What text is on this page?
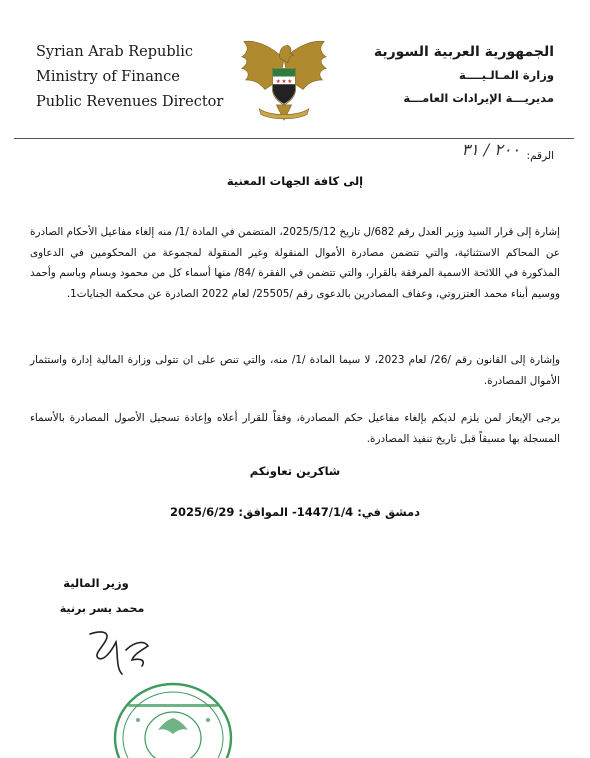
Syrian Arab Republic
Ministry of Finance
Public Revenues Director
الجمهورية العربية السورية
وزارة المـالـيــــة
مديريـــة الإيرادات العامـــة
الرقم:
۲۰۰ / ۳۱
إلى كافة الجهات المعنية
إشارة إلى قرار السيد وزير العدل رقم 682/ل تاريخ 2025/5/12، المتضمن في المادة /1/ منه إلغاء مفاعيل الأحكام الصادرة عن المحاكم الاستثنائية، والتي تتضمن مصادرة الأموال المنقولة وغير المنقولة لمجموعة من المحكومين في الدعاوى المذكورة في اللائحة الاسمية المرفقة بالقرار، والتي تتضمن في الفقرة /84/ منها أسماء كل من محمود وبسام وباسم وأحمد ووسيم أبناء محمد العتزروتي، وعفاف المصادرين بالدعوى رقم /25505/ لعام 2022 الصادرة عن محكمة الجنايات1.
وإشارة إلى القانون رقم /26/ لعام 2023، لا سيما المادة /1/ منه، والتي تنص على ان تتولى وزارة المالية إدارة واستثمار الأموال المصادرة.
يرجى الإيعاز لمن يلزم لديكم بإلغاء مفاعيل حكم المصادرة، وفقاً للقرار أعلاه وإعادة تسجيل الأصول المصادرة بالأسماء المسجلة بها مسبقاً قبل تاريخ تنفيذ المصادرة.
شاكرين تعاونكم
دمشق في: 1447/1/4- الموافق: 2025/6/29
وزير المالية
محمد يسر برنية
